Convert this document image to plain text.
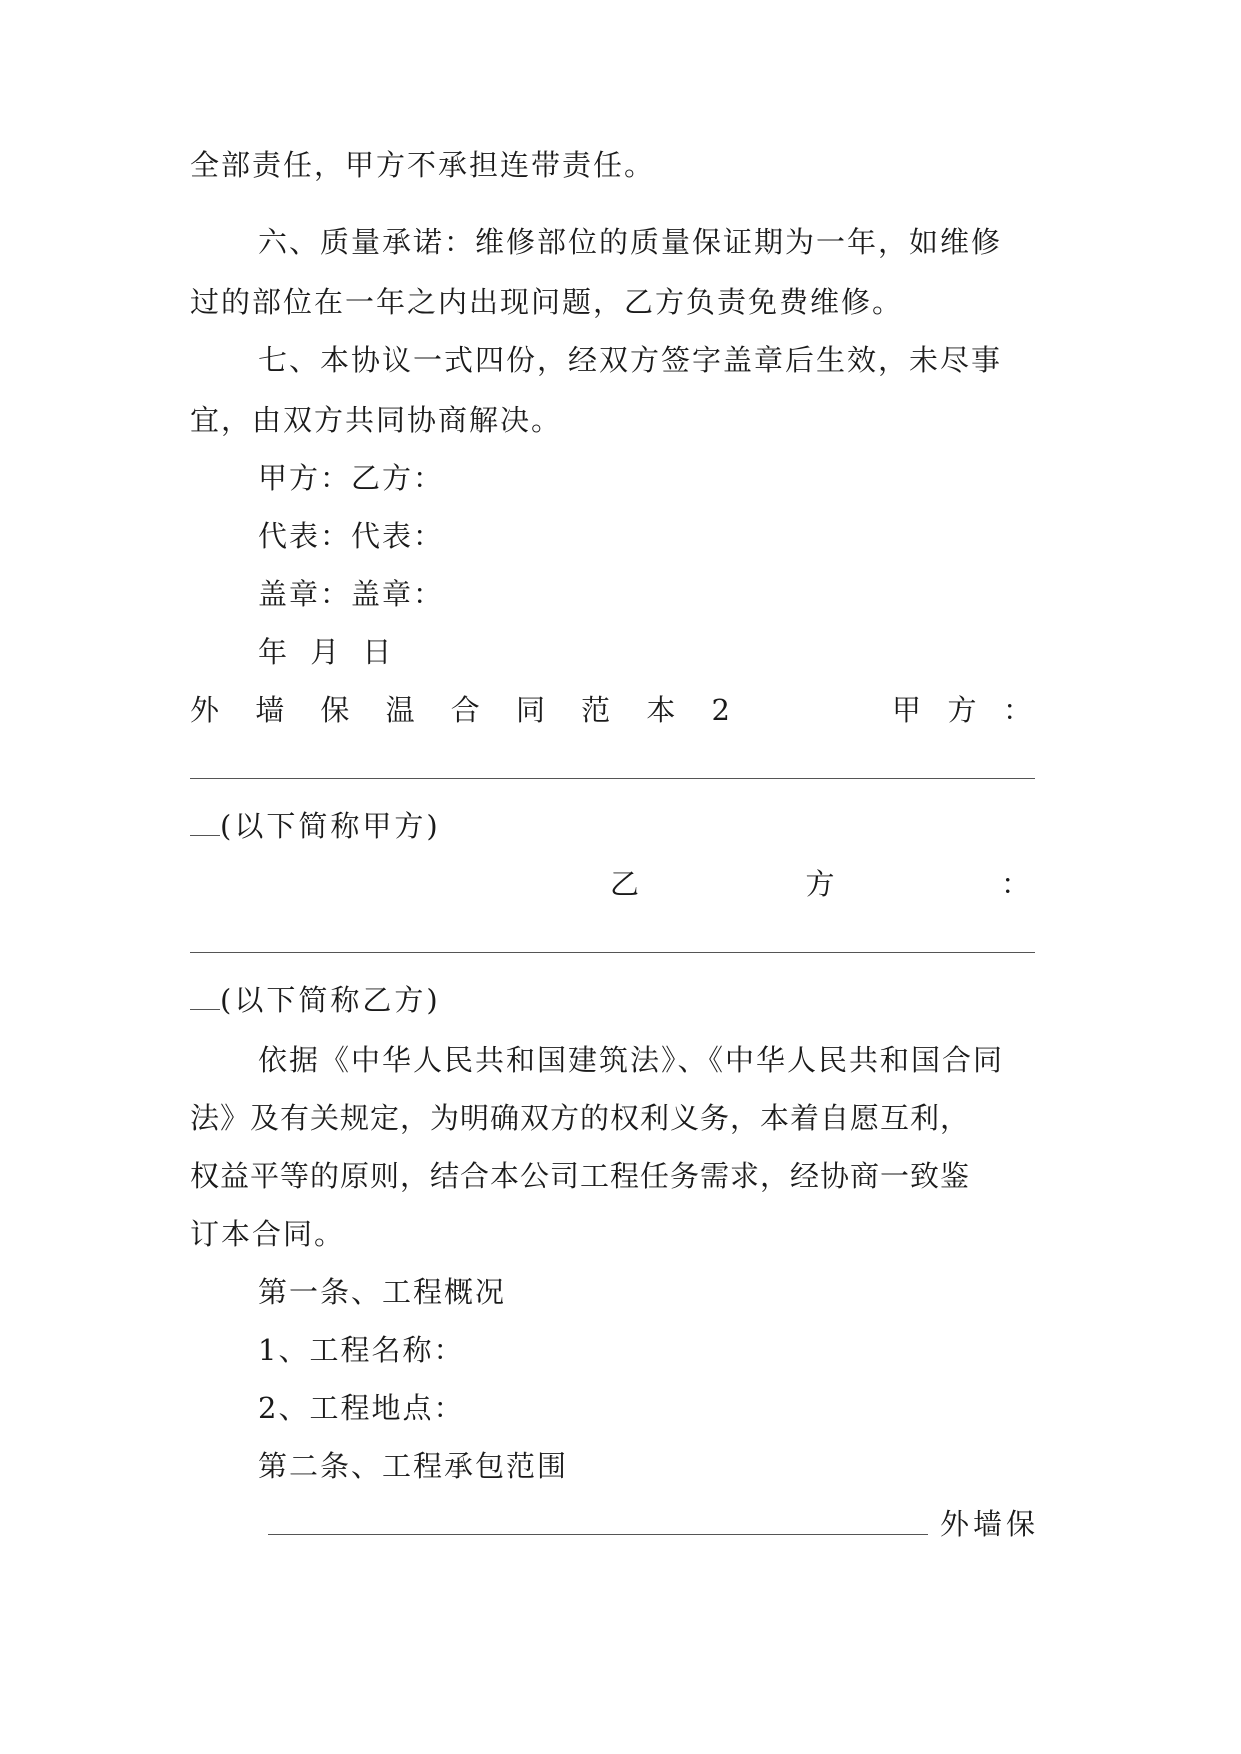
全部责任，甲方不承担连带责任。
六、质量承诺：维修部位的质量保证期为一年，如维修
过的部位在一年之内出现问题，乙方负责免费维修。
七、本协议一式四份，经双方签字盖章后生效，未尽事
宜，由双方共同协商解决。
甲方：乙方：
代表：代表：
盖章：盖章：
年 月 日
外 墙 保 温 合 同 范 本 2	甲 方 ：
(以下简称甲方)
乙	方	：
(以下简称乙方)
依据《中华人民共和国建筑法》、《中华人民共和国合同
法》及有关规定，为明确双方的权利义务，本着自愿互利，
权益平等的原则，结合本公司工程任务需求，经协商一致鉴
订本合同。
第一条、工程概况
1、工程名称：
2、工程地点：
第二条、工程承包范围
外墙保
